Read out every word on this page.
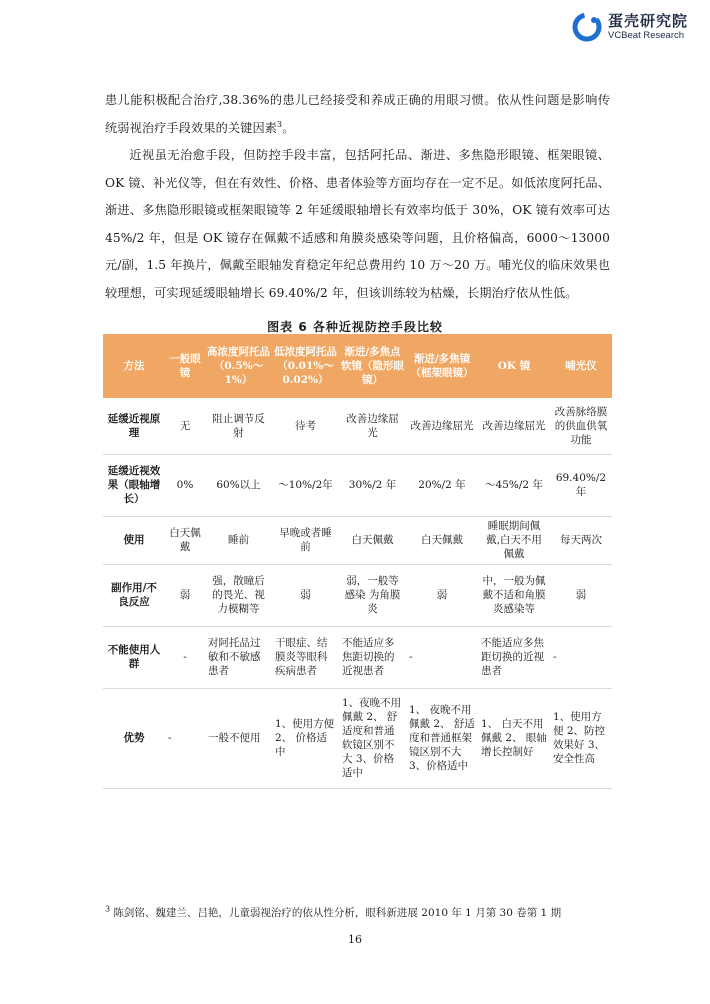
蛋壳研究院
VCBeat Research
患儿能积极配合治疗,38.36%的患儿已经接受和养成正确的用眼习惯。依从性问题是影响传统弱视治疗手段效果的关键因素$^3$。
近视虽无治愈手段，但防控手段丰富，包括阿托品、渐进、多焦隐形眼镜、框架眼镜、OK 镜、补光仪等，但在有效性、价格、患者体验等方面均存在一定不足。如低浓度阿托品、渐进、多焦隐形眼镜或框架眼镜等 2 年延缓眼轴增长有效率均低于 30%，OK 镜有效率可达 45%/2 年，但是 OK 镜存在佩戴不适感和角膜炎感染等问题，且价格偏高，6000～13000 元/副，1.5 年换片，佩戴至眼轴发育稳定年纪总费用约 10 万～20 万。哺光仪的临床效果也较理想，可实现延缓眼轴增长 69.40%/2 年，但该训练较为枯燥，长期治疗依从性低。
图表 6 各种近视防控手段比较
方法	一般眼镜	高浓度阿托品（0.5%～1%）	低浓度阿托品（0.01%～0.02%）	渐进/多焦点软镜（隐形眼镜）	渐进/多焦镜（框架眼镜）	OK 镜	哺光仪
延缓近视原理	无	阻止调节反射	待考	改善边缘屈光	改善边缘屈光	改善边缘屈光	改善脉络膜的供血供氧功能
延缓近视效果（眼轴增长）	0%	60%以上	～10%/2年	30%/2 年	20%/2 年	～45%/2 年	69.40%/2年
使用	白天佩戴	睡前	早晚或者睡前	白天佩戴	白天佩戴	睡眠期间佩戴,白天不用佩戴	每天两次
副作用/不良反应	弱	强，散瞳后的畏光、视力模糊等	弱	弱，一般等感染 为角膜炎	弱	中，一般为佩戴不适和角膜炎感染等	弱
不能使用人群	-	对阿托品过敏和不敏感患者	干眼症、结膜炎等眼科疾病患者	不能适应多焦距切换的近视患者	-	不能适应多焦距切换的近视患者	-
优势	-	一般不便用	1、使用方便 2、 价格适中	1、夜晚不用佩戴 2、 舒适度和普通软镜区别不大 3、价格适中	1、 夜晚不用佩戴 2、 舒适度和普通框架镜区别不大 3、价格适中	1、 白天不用佩戴 2、 眼轴增长控制好	1、使用方便 2、防控效果好 3、安全性高
$^3$ 陈剑铭、魏建兰、吕艳，儿童弱视治疗的依从性分析，眼科新进展 2010 年 1 月第 30 卷第 1 期
16
